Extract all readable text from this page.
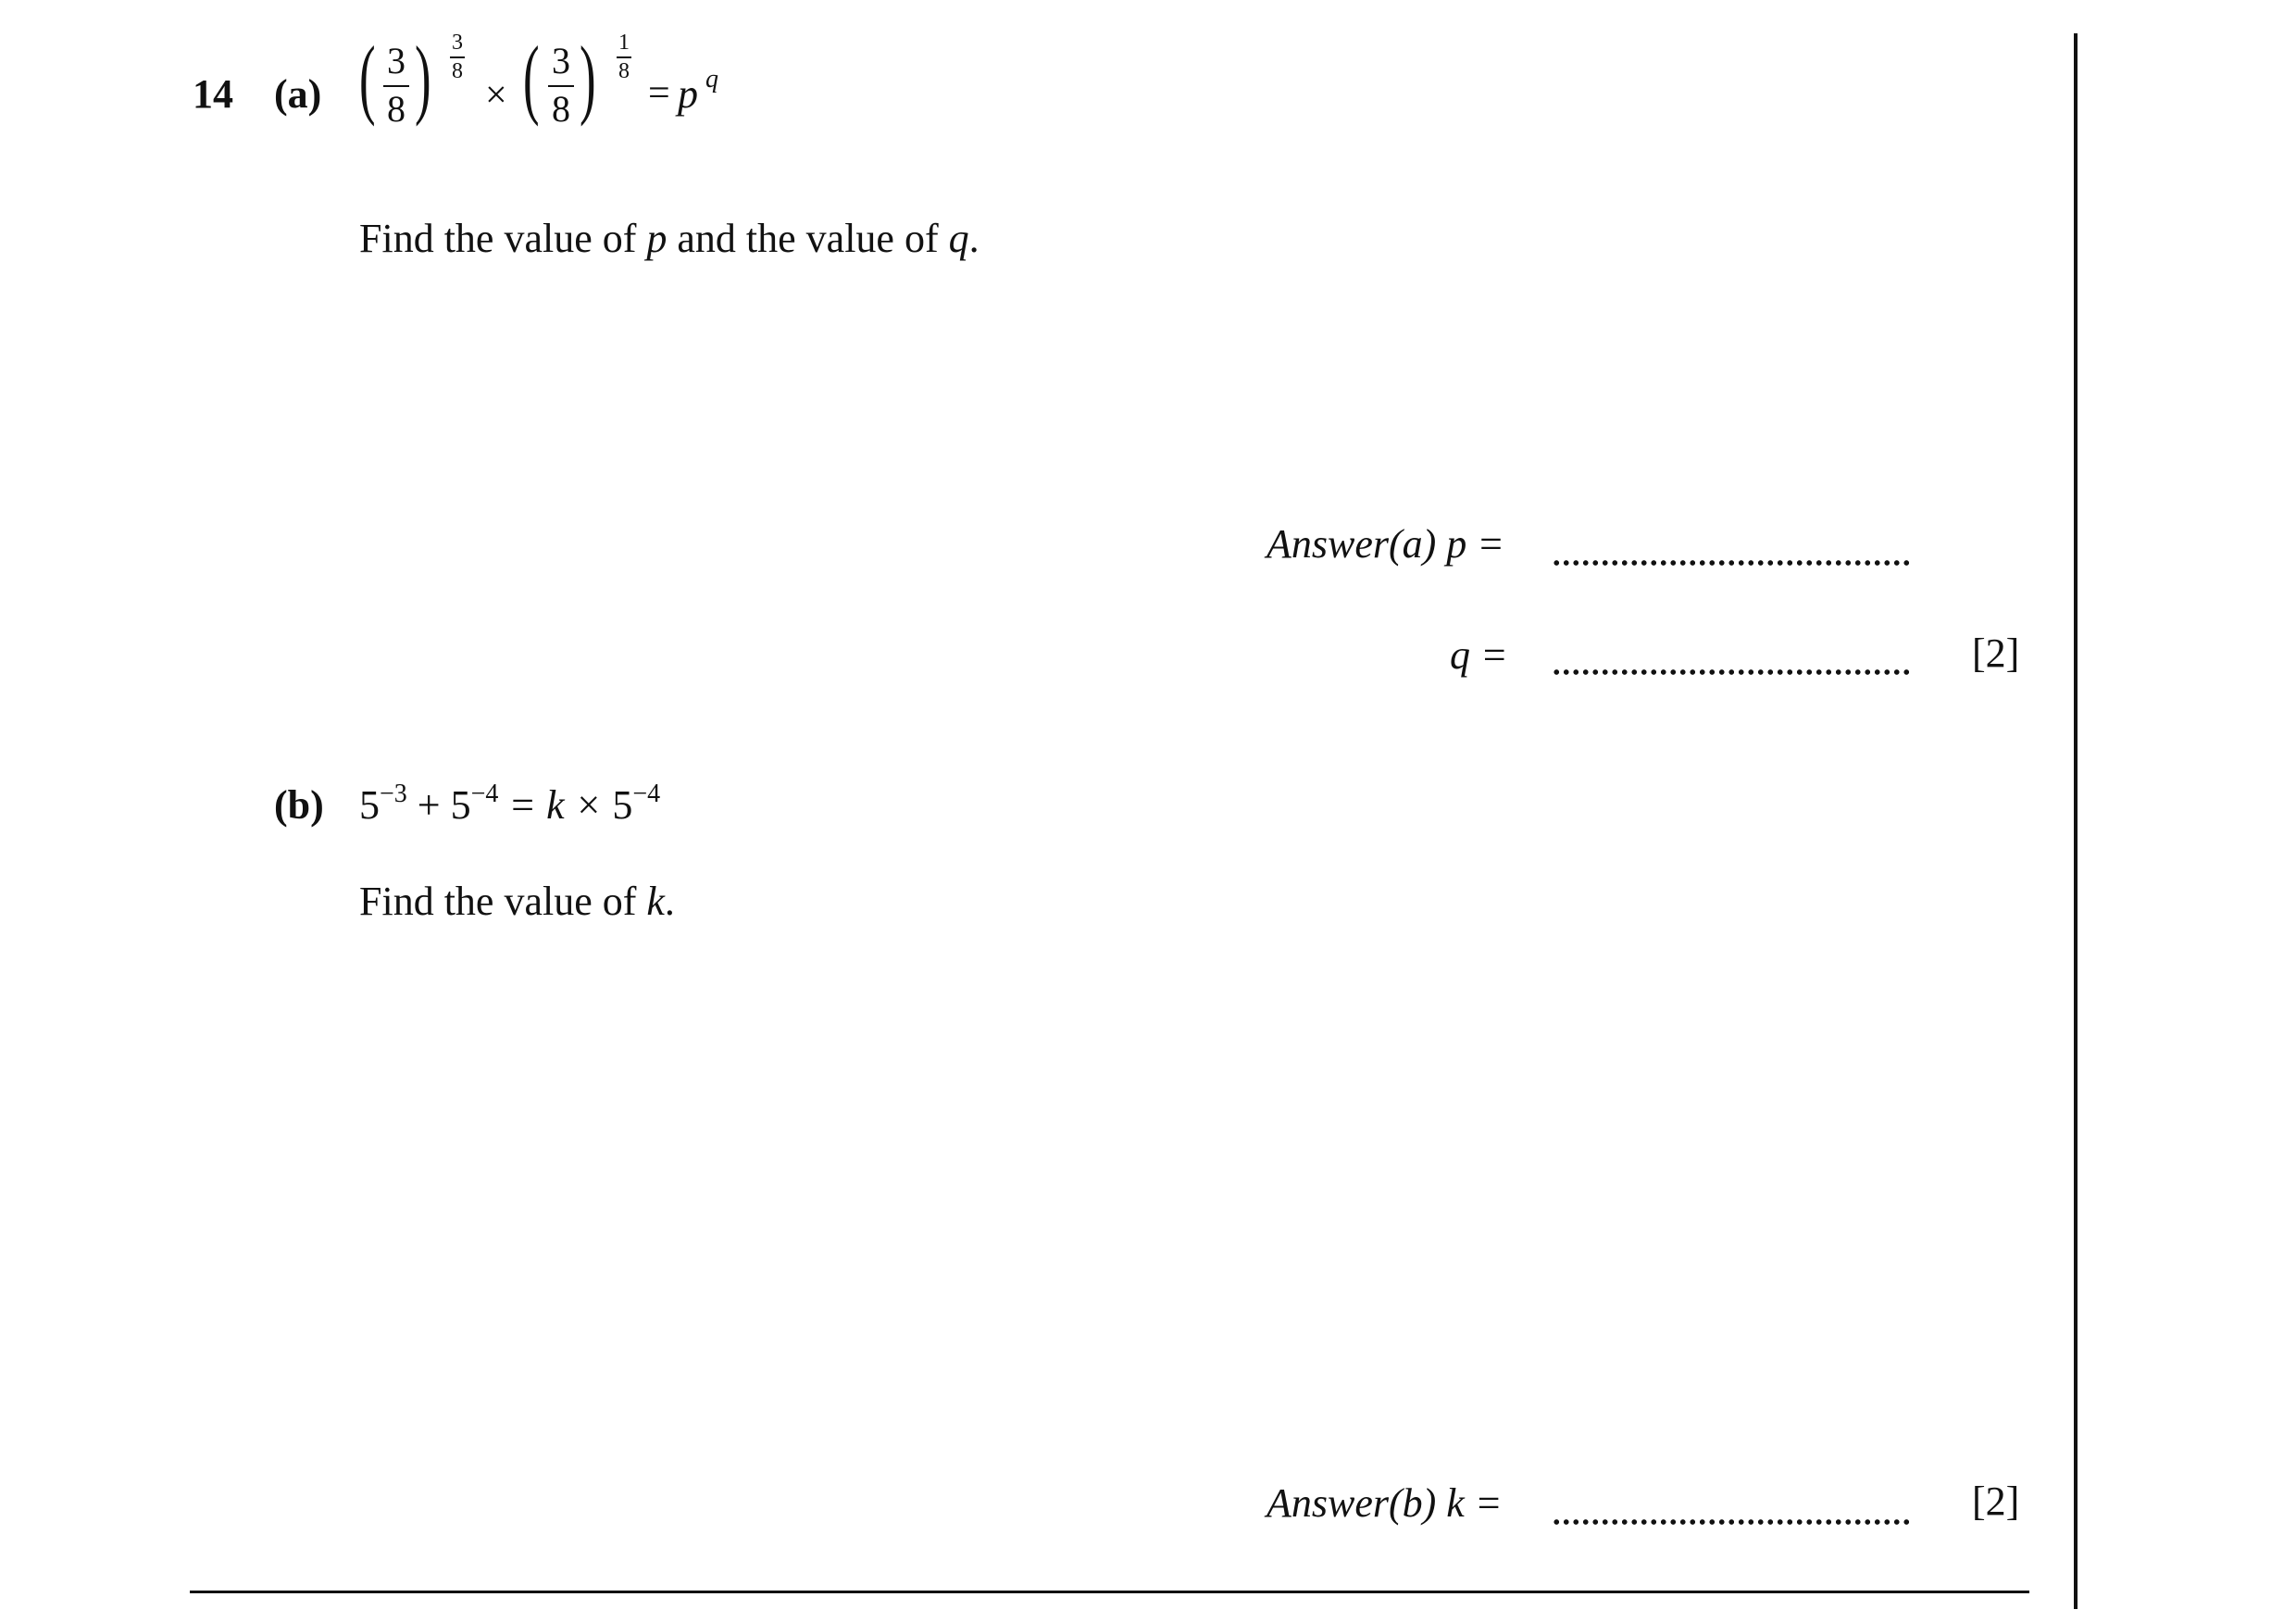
14 (a) ( 3
8 ) 3
8
× ( 3
8 ) 1
8
= p q
Find the value of p and the value of q.
Answer(a) p =
q =	[2]
(b) $5^{-3} + 5^{-4} = k \times 5^{-4}$
Find the value of k.
Answer(b) k =	[2]
